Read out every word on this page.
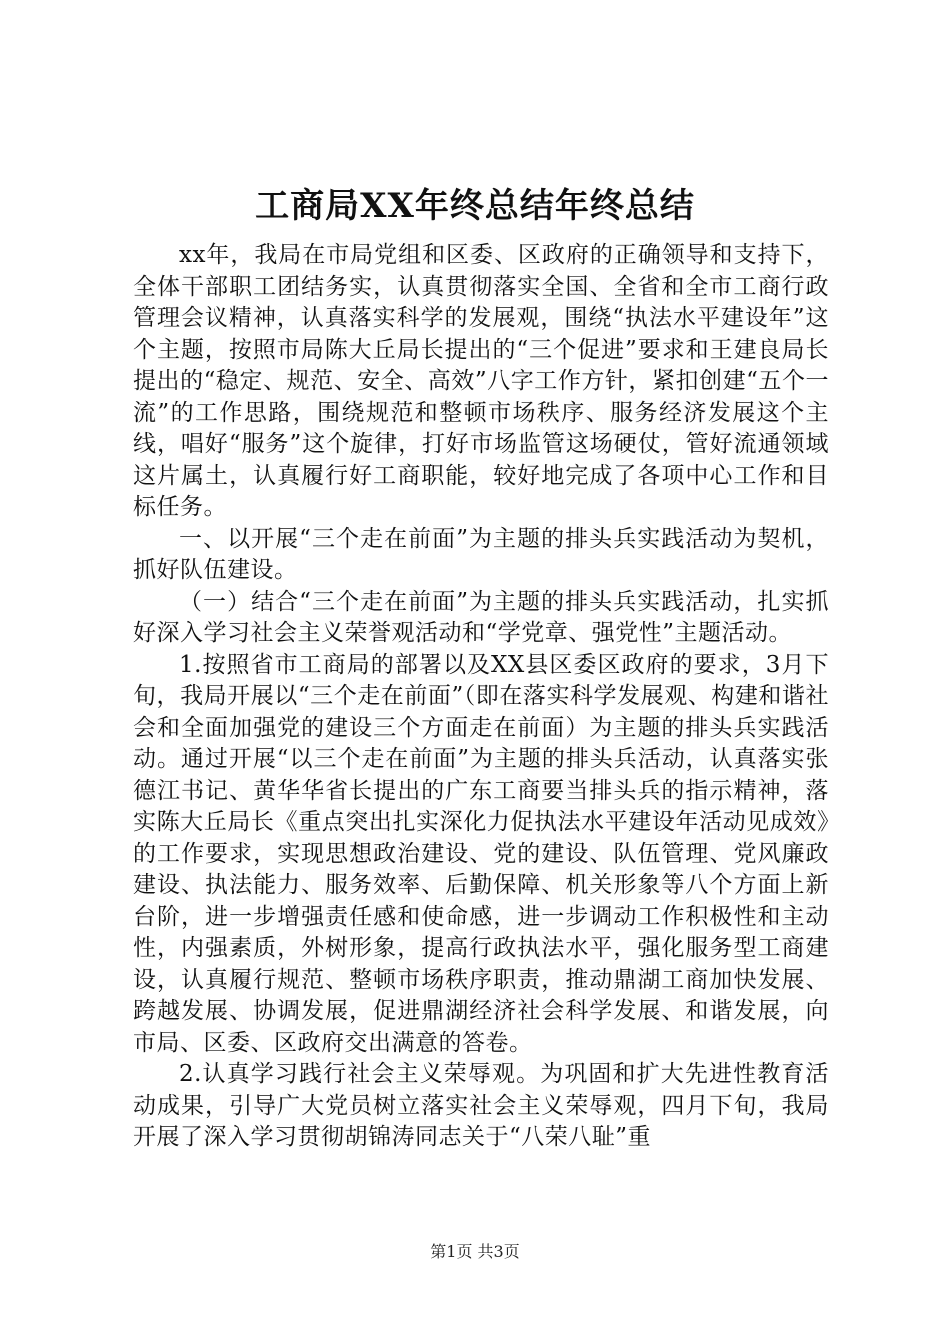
工商局XX年终总结年终总结

xx年，我局在市局党组和区委、区政府的正确领导和支持下，全体干部职工团结务实，认真贯彻落实全国、全省和全市工商行政管理会议精神，认真落实科学的发展观，围绕“执法水平建设年”这个主题，按照市局陈大丘局长提出的“三个促进”要求和王建良局长提出的“稳定、规范、安全、高效”八字工作方针，紧扣创建“五个一流”的工作思路，围绕规范和整顿市场秩序、服务经济发展这个主线，唱好“服务”这个旋律，打好市场监管这场硬仗，管好流通领域这片属土，认真履行好工商职能，较好地完成了各项中心工作和目标任务。

一、以开展“三个走在前面”为主题的排头兵实践活动为契机，抓好队伍建设。

（一）结合“三个走在前面”为主题的排头兵实践活动，扎实抓好深入学习社会主义荣誉观活动和“学党章、强党性”主题活动。

1.按照省市工商局的部署以及XX县区委区政府的要求，3月下旬，我局开展以“三个走在前面”（即在落实科学发展观、构建和谐社会和全面加强党的建设三个方面走在前面）为主题的排头兵实践活动。通过开展“以三个走在前面”为主题的排头兵活动，认真落实张德江书记、黄华华省长提出的广东工商要当排头兵的指示精神，落实陈大丘局长《重点突出扎实深化力促执法水平建设年活动见成效》的工作要求，实现思想政治建设、党的建设、队伍管理、党风廉政建设、执法能力、服务效率、后勤保障、机关形象等八个方面上新台阶，进一步增强责任感和使命感，进一步调动工作积极性和主动性，内强素质，外树形象，提高行政执法水平，强化服务型工商建设，认真履行规范、整顿市场秩序职责，推动鼎湖工商加快发展、跨越发展、协调发展，促进鼎湖经济社会科学发展、和谐发展，向市局、区委、区政府交出满意的答卷。

2.认真学习践行社会主义荣辱观。为巩固和扩大先进性教育活动成果，引导广大党员树立落实社会主义荣辱观，四月下旬，我局开展了深入学习贯彻胡锦涛同志关于“八荣八耻”重

第1页 共3页
